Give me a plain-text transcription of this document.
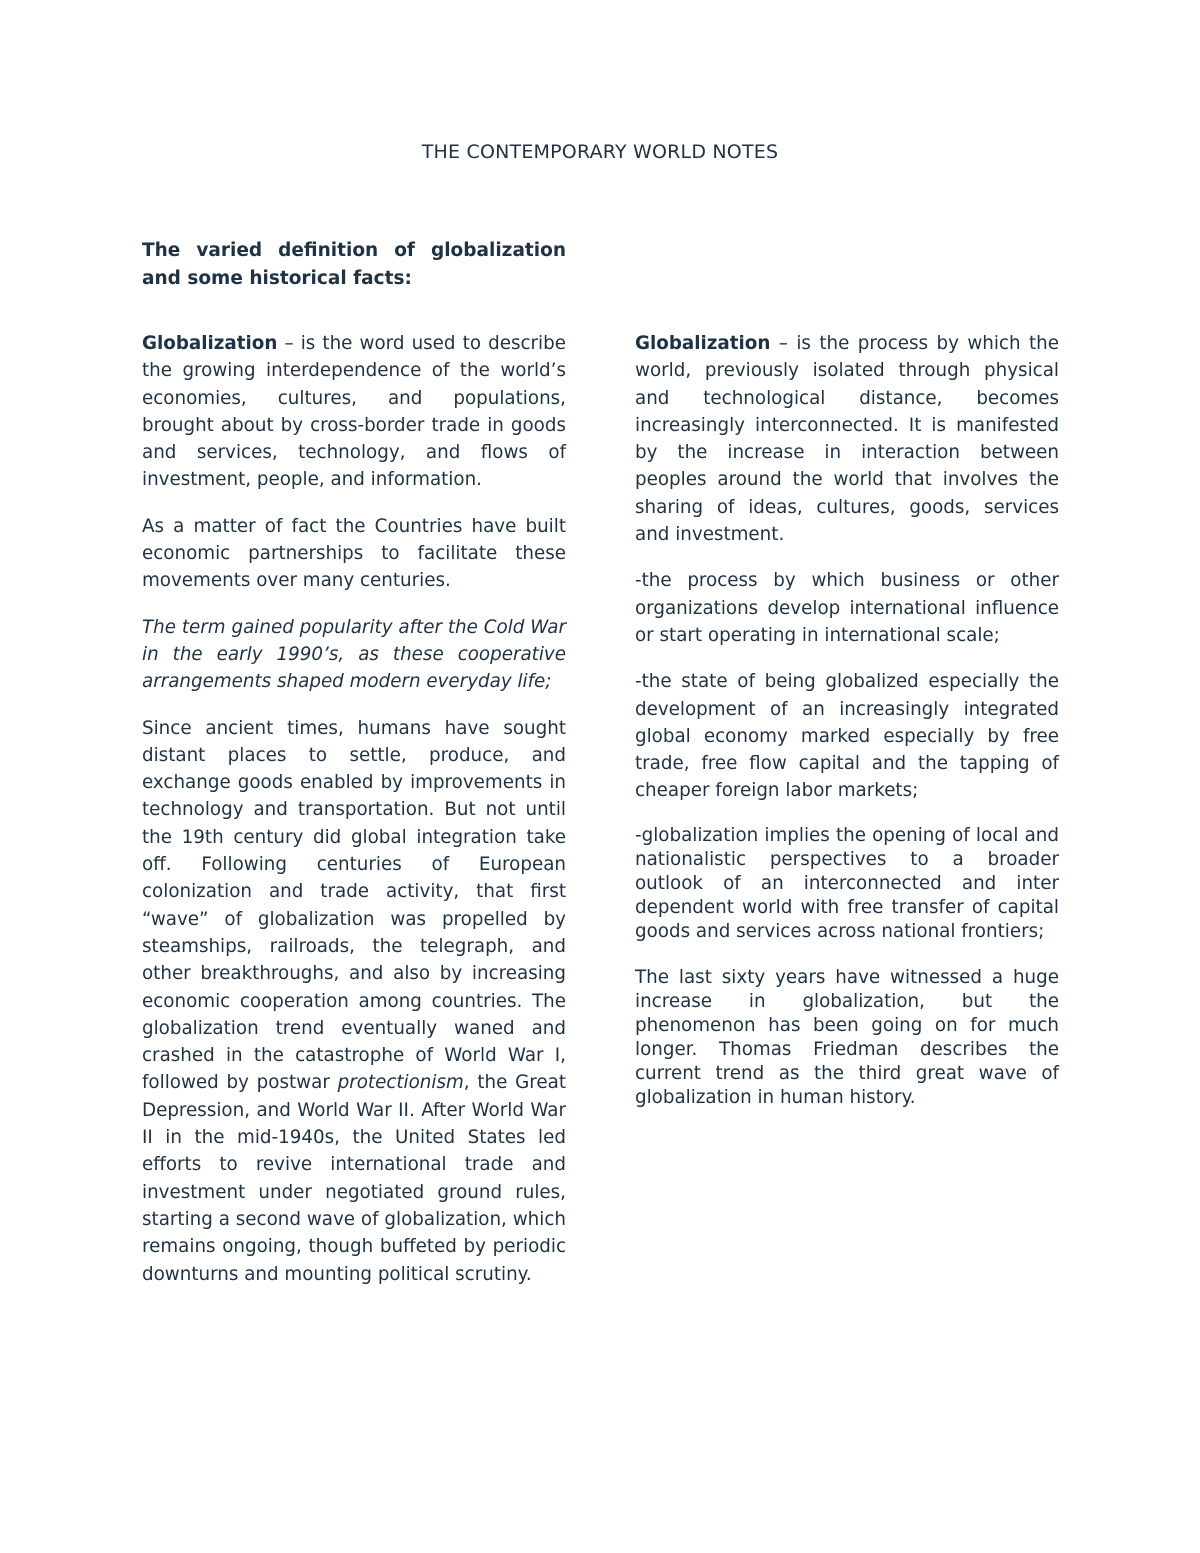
THE CONTEMPORARY WORLD NOTES
The varied definition of globalization and some historical facts:

Globalization – is the word used to describe the growing interdependence of the world’s economies, cultures, and populations, brought about by cross-border trade in goods and services, technology, and flows of investment, people, and information.

As a matter of fact the Countries have built economic partnerships to facilitate these movements over many centuries.

The term gained popularity after the Cold War in the early 1990’s, as these cooperative arrangements shaped modern everyday life;

Since ancient times, humans have sought distant places to settle, produce, and exchange goods enabled by improvements in technology and transportation. But not until the 19th century did global integration take off. Following centuries of European colonization and trade activity, that first “wave” of globalization was propelled by steamships, railroads, the telegraph, and other breakthroughs, and also by increasing economic cooperation among countries. The globalization trend eventually waned and crashed in the catastrophe of World War I, followed by postwar protectionism, the Great Depression, and World War II. After World War II in the mid-1940s, the United States led efforts to revive international trade and investment under negotiated ground rules, starting a second wave of globalization, which remains ongoing, though buffeted by periodic downturns and mounting political scrutiny.

Globalization – is the process by which the world, previously isolated through physical and technological distance, becomes increasingly interconnected. It is manifested by the increase in interaction between peoples around the world that involves the sharing of ideas, cultures, goods, services and investment.

-the process by which business or other organizations develop international influence or start operating in international scale;

-the state of being globalized especially the development of an increasingly integrated global economy marked especially by free trade, free flow capital and the tapping of cheaper foreign labor markets;

-globalization implies the opening of local and nationalistic perspectives to a broader outlook of an interconnected and inter dependent world with free transfer of capital goods and services across national frontiers;

The last sixty years have witnessed a huge increase in globalization, but the phenomenon has been going on for much longer. Thomas Friedman describes the current trend as the third great wave of globalization in human history.
